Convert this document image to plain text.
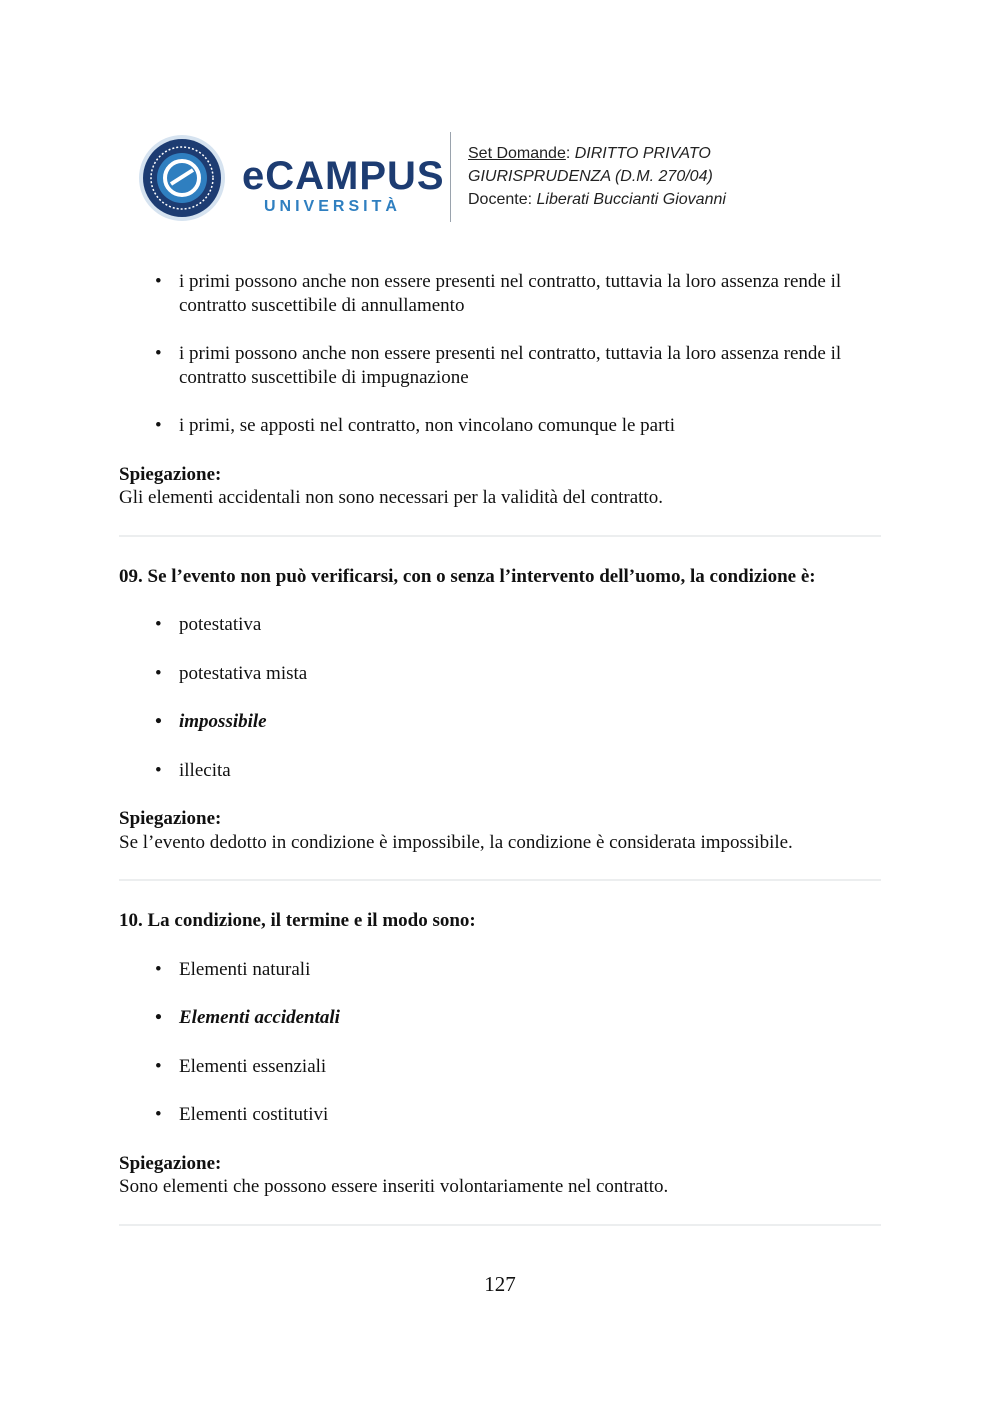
eCAMPUS
UNIVERSITÀ
Set Domande: DIRITTO PRIVATO
GIURISPRUDENZA (D.M. 270/04)
Docente: Liberati Buccianti Giovanni
• i primi possono anche non essere presenti nel contratto, tuttavia la loro assenza rende il contratto suscettibile di annullamento
• i primi possono anche non essere presenti nel contratto, tuttavia la loro assenza rende il contratto suscettibile di impugnazione
• i primi, se apposti nel contratto, non vincolano comunque le parti
Spiegazione:
Gli elementi accidentali non sono necessari per la validità del contratto.
09. Se l’evento non può verificarsi, con o senza l’intervento dell’uomo, la condizione è:
• potestativa
• potestativa mista
• impossibile
• illecita
Spiegazione:
Se l’evento dedotto in condizione è impossibile, la condizione è considerata impossibile.
10. La condizione, il termine e il modo sono:
• Elementi naturali
• Elementi accidentali
• Elementi essenziali
• Elementi costitutivi
Spiegazione:
Sono elementi che possono essere inseriti volontariamente nel contratto.
127
